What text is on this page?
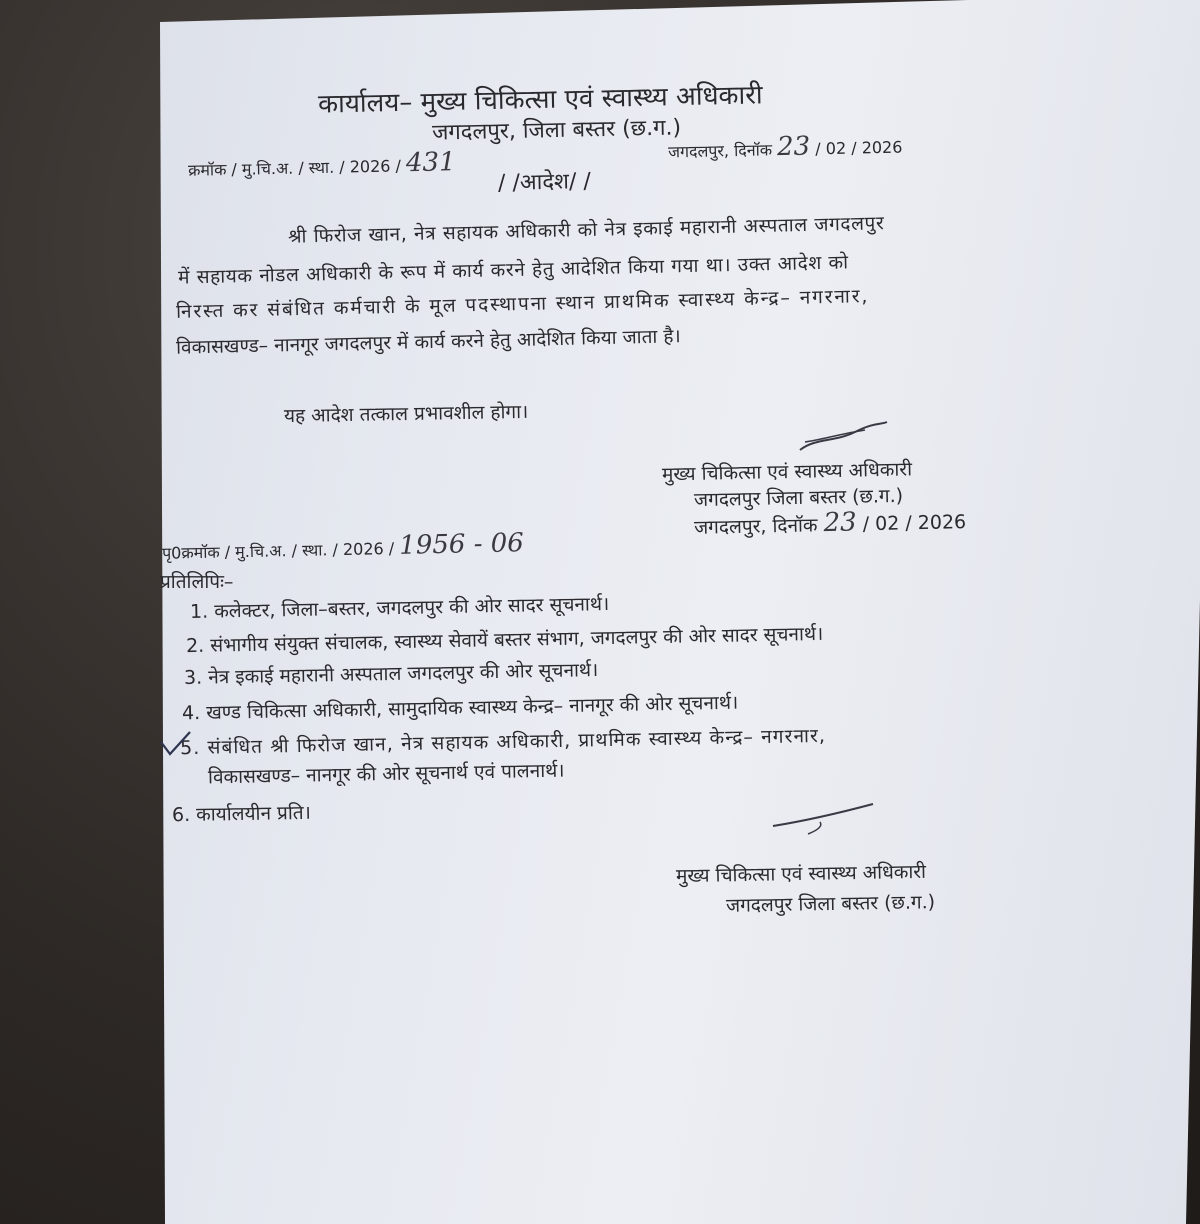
कार्यालय– मुख्य चिकित्सा एवं स्वास्थ्य अधिकारी
जगदलपुर, जिला बस्तर (छ.ग.)
क्रमॉक / मु.चि.अ. / स्था. / 2026 / 431	जगदलपुर, दिनॉक 23 / 02 / 2026
/ /आदेश/ /
श्री फिरोज खान, नेत्र सहायक अधिकारी को नेत्र इकाई महारानी अस्पताल जगदलपुर
में सहायक नोडल अधिकारी के रूप में कार्य करने हेतु आदेशित किया गया था। उक्त आदेश को
निरस्त कर संबंधित कर्मचारी के मूल पदस्थापना स्थान प्राथमिक स्वास्थ्य केन्द्र– नगरनार,
विकासखण्ड– नानगूर जगदलपुर में कार्य करने हेतु आदेशित किया जाता है।
यह आदेश तत्काल प्रभावशील होगा।
मुख्य चिकित्सा एवं स्वास्थ्य अधिकारी
जगदलपुर जिला बस्तर (छ.ग.)
जगदलपुर, दिनॉक 23 / 02 / 2026
पृ0क्रमॉक / मु.चि.अ. / स्था. / 2026 / 1956 - 06
प्रतिलिपिः–
1. कलेक्टर, जिला–बस्तर, जगदलपुर की ओर सादर सूचनार्थ।
2. संभागीय संयुक्त संचालक, स्वास्थ्य सेवायें बस्तर संभाग, जगदलपुर की ओर सादर सूचनार्थ।
3. नेत्र इकाई महारानी अस्पताल जगदलपुर की ओर सूचनार्थ।
4. खण्ड चिकित्सा अधिकारी, सामुदायिक स्वास्थ्य केन्द्र– नानगूर की ओर सूचनार्थ।
5. संबंधित श्री फिरोज खान, नेत्र सहायक अधिकारी, प्राथमिक स्वास्थ्य केन्द्र– नगरनार,
विकासखण्ड– नानगूर की ओर सूचनार्थ एवं पालनार्थ।
6. कार्यालयीन प्रति।
मुख्य चिकित्सा एवं स्वास्थ्य अधिकारी
जगदलपुर जिला बस्तर (छ.ग.)
